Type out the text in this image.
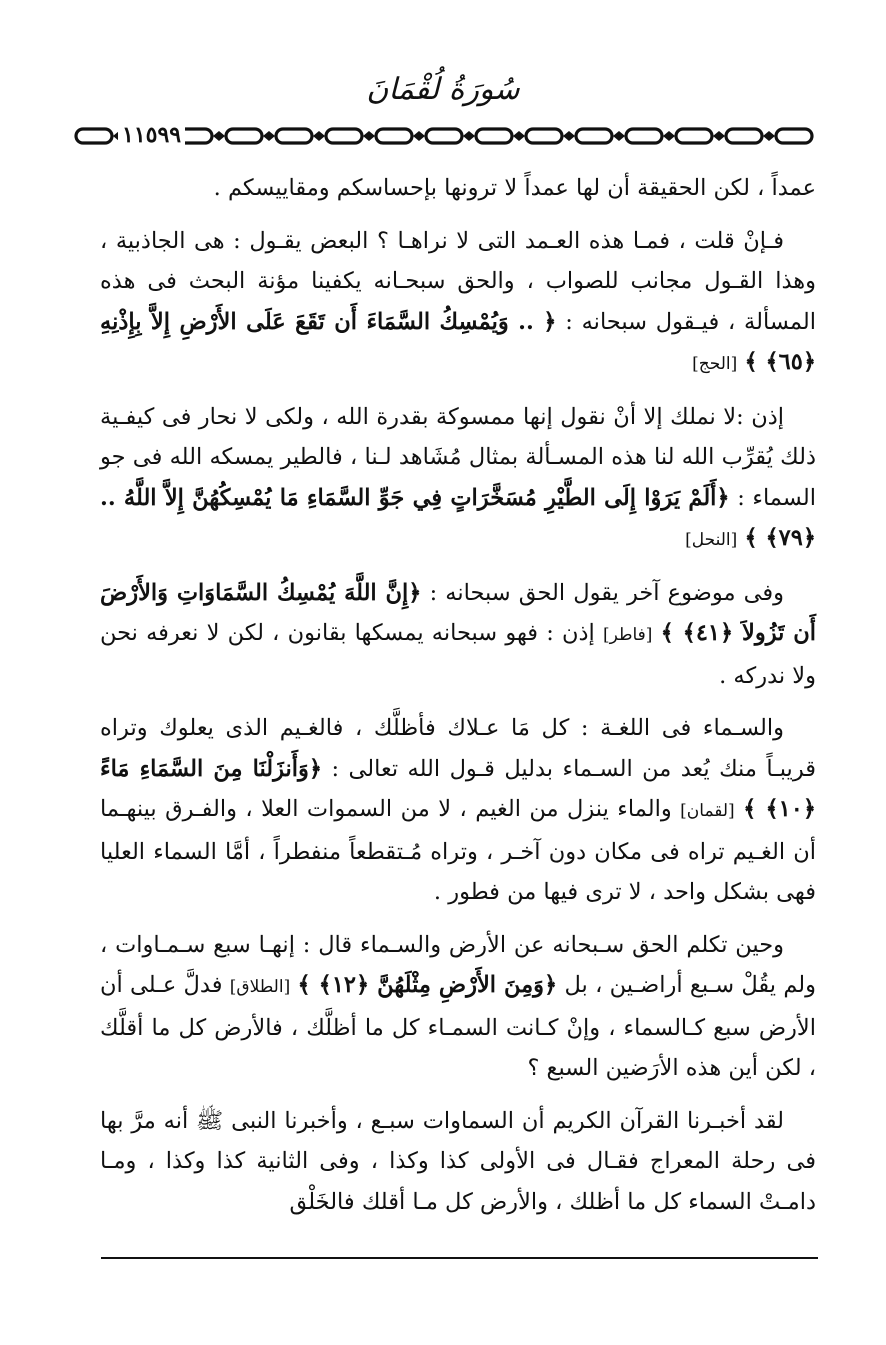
سُورَةُ لُقْمَانَ
١١٥٩٩

عمداً ، لكن الحقيقة أن لها عمداً لا ترونها بإحساسكم ومقاييسكم .

فـإنْ قلت ، فمـا هذه العـمد التى لا نراهـا ؟ البعض يقـول : هى الجاذبية ، وهذا القـول مجانب للصواب ، والحق سبحـانه يكفينا مؤنة البحث فى هذه المسألة ، فيـقول سبحانه : ﴿ .. وَيُمْسِكُ السَّمَاءَ أَن تَقَعَ عَلَى الأَرْضِ إِلاَّ بِإِذْنِهِ ﴿٦٥﴾ ﴾ [الحج]

إذن :لا نملك إلا أنْ نقول إنها ممسوكة بقدرة الله ، ولكى لا نحار فى كيفـية ذلك يُقرِّب الله لنا هذه المسـألة بمثال مُشَاهد لـنا ، فالطير يمسكه الله فى جو السماء : ﴿أَلَمْ يَرَوْا إِلَى الطَّيْرِ مُسَخَّرَاتٍ فِي جَوِّ السَّمَاءِ مَا يُمْسِكُهُنَّ إِلاَّ اللَّهُ ..﴿٧٩﴾ ﴾ [النحل]

وفى موضوع آخر يقول الحق سبحانه : ﴿إِنَّ اللَّهَ يُمْسِكُ السَّمَاوَاتِ وَالأَرْضَ أَن تَزُولاَ ﴿٤١﴾ ﴾ [فاطر] إذن : فهو سبحانه يمسكها بقانون ، لكن لا نعرفه نحن ولا ندركه .

والسـماء فى اللغـة : كل مَا عـلاك فأظلَّك ، فالغـيم الذى يعلوك وتراه قريبـاً منك يُعد من السـماء بدليل قـول الله تعالى : ﴿وَأَنزَلْنَا مِنَ السَّمَاءِ مَاءً ﴿١٠﴾ ﴾ [لقمان] والماء ينزل من الغيم ، لا من السموات العلا ، والفـرق بينهـما أن الغـيم تراه فى مكان دون آخـر ، وتراه مُـتقطعاً منفطراً ، أمَّا السماء العليا فهى بشكل واحد ، لا ترى فيها من فطور .

وحين تكلم الحق سـبحانه عن الأرض والسـماء قال : إنهـا سبع سـمـاوات ، ولم يقُلْ سـبع أراضـين ، بل ﴿وَمِنَ الأَرْضِ مِثْلَهُنَّ ﴿١٢﴾ ﴾ [الطلاق] فدلَّ عـلى أن الأرض سبع كـالسماء ، وإنْ كـانت السمـاء كل ما أظلَّك ، فالأرض كل ما أقلَّك ، لكن أين هذه الأرَضين السبع ؟

لقد أخبـرنا القرآن الكريم أن السماوات سبـع ، وأخبرنا النبى ﷺ أنه مرَّ بها فى رحلة المعراج فقـال فى الأولى كذا وكذا ، وفى الثانية كذا وكذا ، ومـا دامـتْ السماء كل ما أظلك ، والأرض كل مـا أقلك فالخَلْق
